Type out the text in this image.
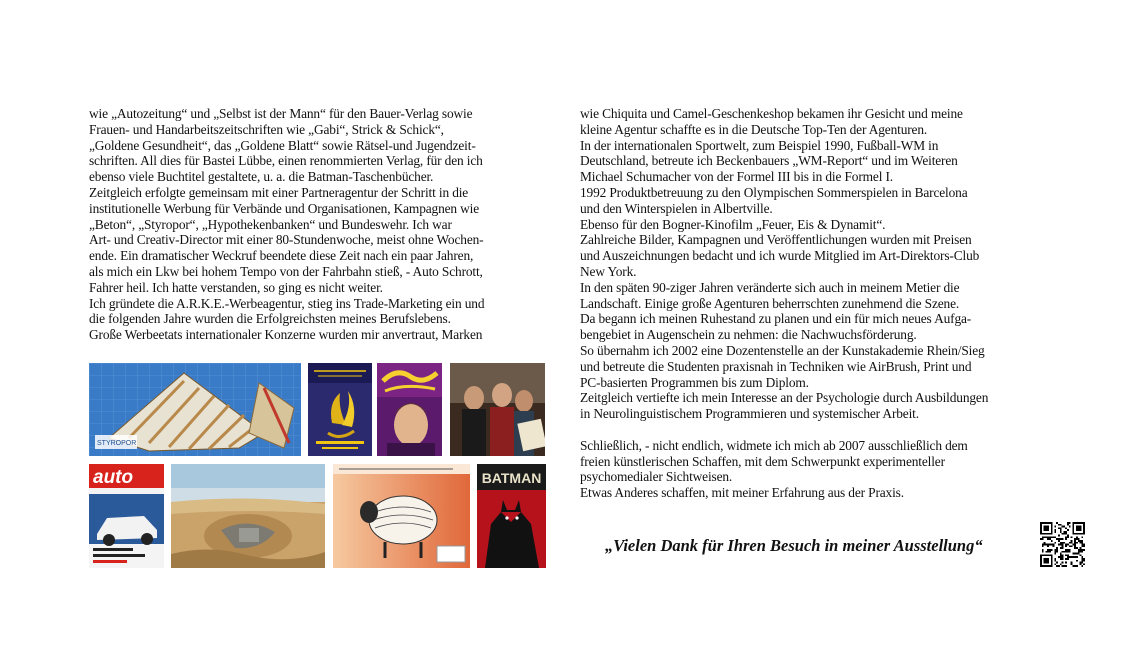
wie „Autozeitung“ und „Selbst ist der Mann“ für den Bauer-Verlag sowie
Frauen- und Handarbeitszeitschriften wie „Gabi“, Strick & Schick“,
„Goldene Gesundheit“, das „Goldene Blatt“ sowie Rätsel-und Jugendzeit-
schriften. All dies für Bastei Lübbe, einen renommierten Verlag, für den ich
ebenso viele Buchtitel gestaltete, u. a. die Batman-Taschenbücher.
Zeitgleich erfolgte gemeinsam mit einer Partneragentur der Schritt in die
institutionelle Werbung für Verbände und Organisationen, Kampagnen wie
„Beton“, „Styropor“, „Hypothekenbanken“ und Bundeswehr. Ich war
Art- und Creativ-Director mit einer 80-Stundenwoche, meist ohne Wochen-
ende. Ein dramatischer Weckruf beendete diese Zeit nach ein paar Jahren,
als mich ein Lkw bei hohem Tempo von der Fahrbahn stieß, - Auto Schrott,
Fahrer heil. Ich hatte verstanden, so ging es nicht weiter.
Ich gründete die A.R.K.E.-Werbeagentur, stieg ins Trade-Marketing ein und
die folgenden Jahre wurden die Erfolgreichsten meines Berufslebens.
Große Werbeetats internationaler Konzerne wurden mir anvertraut, Marken
wie Chiquita und Camel-Geschenkeshop bekamen ihr Gesicht und meine
kleine Agentur schaffte es in die Deutsche Top-Ten der Agenturen.
In der internationalen Sportwelt, zum Beispiel 1990, Fußball-WM in
Deutschland, betreute ich Beckenbauers „WM-Report“ und im Weiteren
Michael Schumacher von der Formel III bis in die Formel I.
1992 Produktbetreuung zu den Olympischen Sommerspielen in Barcelona
und den Winterspielen in Albertville.
Ebenso für den Bogner-Kinofilm „Feuer, Eis & Dynamit“.
Zahlreiche Bilder, Kampagnen und Veröffentlichungen wurden mit Preisen
und Auszeichnungen bedacht und ich wurde Mitglied im Art-Direktors-Club
New York.
In den späten 90-ziger Jahren veränderte sich auch in meinem Metier die
Landschaft. Einige große Agenturen beherrschten zunehmend die Szene.
Da begann ich meinen Ruhestand zu planen und ein für mich neues Aufga-
bengebiet in Augenschein zu nehmen: die Nachwuchsförderung.
So übernahm ich 2002 eine Dozentenstelle an der Kunstakademie Rhein/Sieg
und betreute die Studenten praxisnah in Techniken wie AirBrush, Print und
PC-basierten Programmen bis zum Diplom.
Zeitgleich vertiefte ich mein Interesse an der Psychologie durch Ausbildungen
in Neurolinguistischem Programmieren und systemischer Arbeit.
Schließlich, - nicht endlich, widmete ich mich ab 2007 ausschließlich dem
freien künstlerischen Schaffen, mit dem Schwerpunkt experimenteller
psychomedialer Sichtweisen.
Etwas Anderes schaffen, mit meiner Erfahrung aus der Praxis.
STYROPOR
auto	BATMAN
„Vielen Dank für Ihren Besuch in meiner Ausstellung“
